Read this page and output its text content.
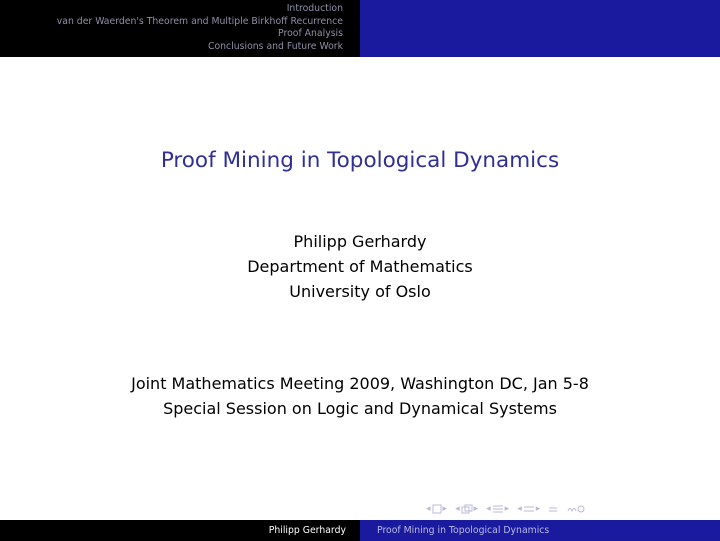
Introduction
van der Waerden's Theorem and Multiple Birkhoff Recurrence
Proof Analysis
Conclusions and Future Work
Proof Mining in Topological Dynamics
Philipp Gerhardy
Department of Mathematics
University of Oslo
Joint Mathematics Meeting 2009, Washington DC, Jan 5-8
Special Session on Logic and Dynamical Systems
◂ ▸ ◂ ▸ ◂ ▸ ◂ ▸
Philipp Gerhardy	Proof Mining in Topological Dynamics
